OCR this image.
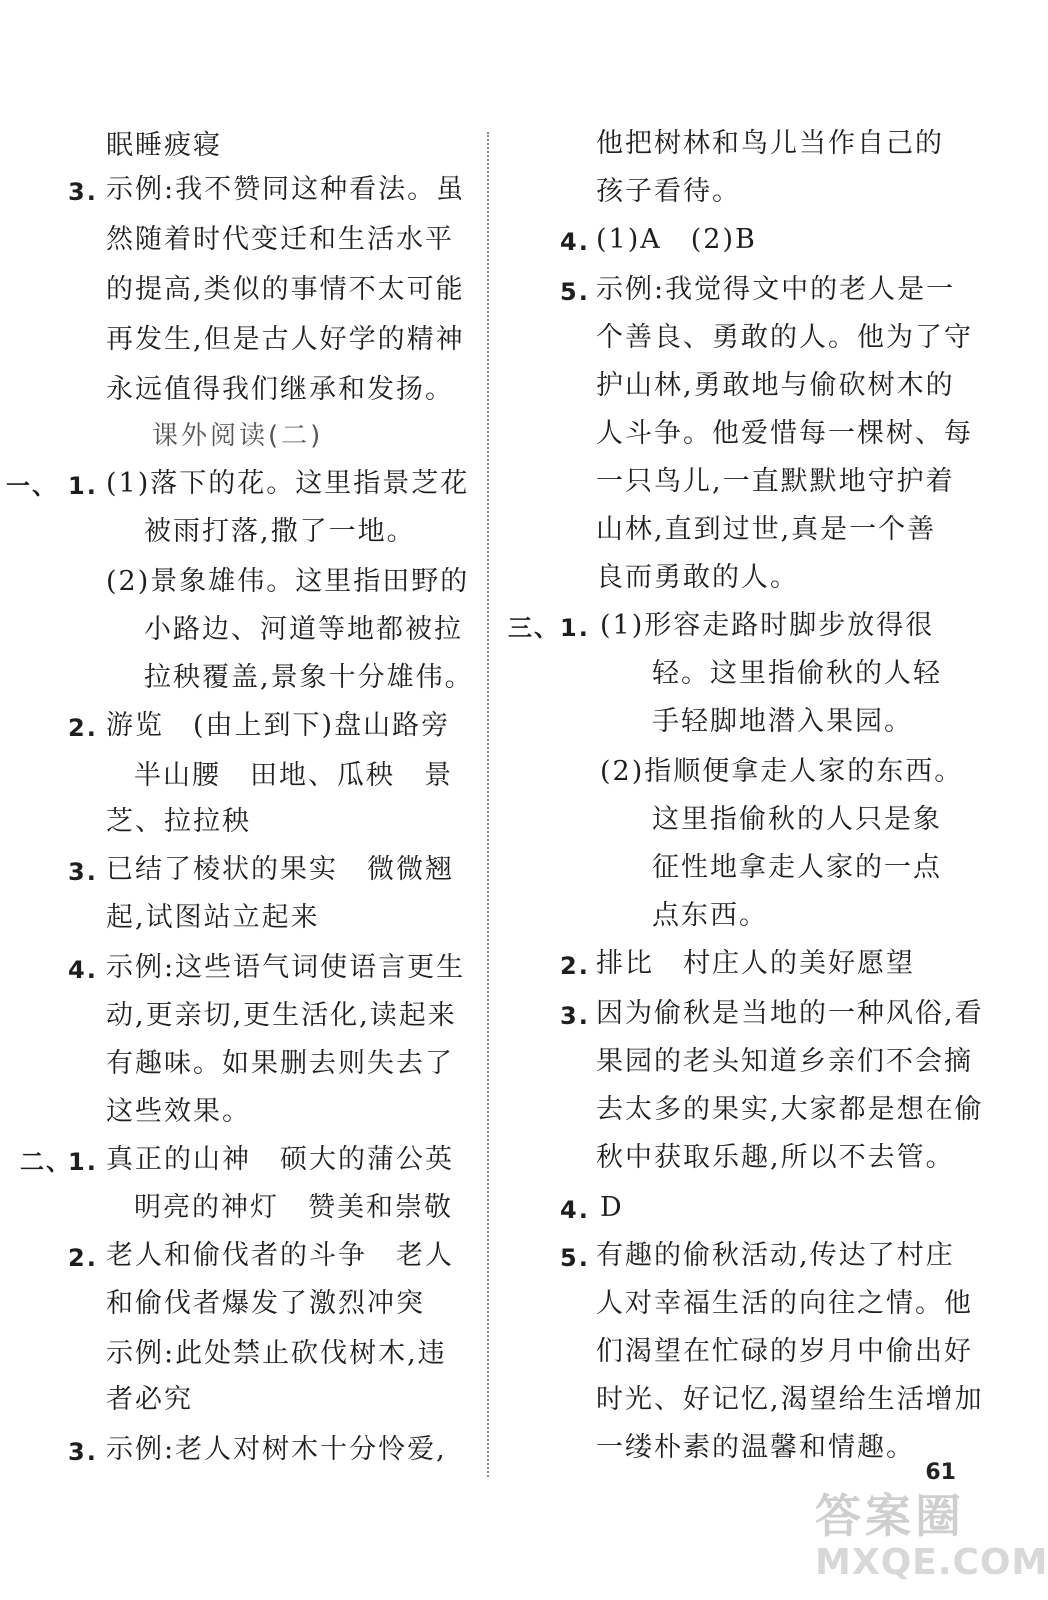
眠睡疲寝
3. 示例:我不赞同这种看法。虽
然随着时代变迁和生活水平
的提高,类似的事情不太可能
再发生,但是古人好学的精神
永远值得我们继承和发扬。
课外阅读(二)
一、 1. (1)落下的花。这里指景芝花
被雨打落,撒了一地。
(2)景象雄伟。这里指田野的
小路边、河道等地都被拉
拉秧覆盖,景象十分雄伟。
2. 游览　(由上到下)盘山路旁
半山腰　田地、瓜秧　景
芝、拉拉秧
3. 已结了棱状的果实　微微翘
起,试图站立起来
4. 示例:这些语气词使语言更生
动,更亲切,更生活化,读起来
有趣味。如果删去则失去了
这些效果。
二、
1. 真正的山神　硕大的蒲公英
明亮的神灯　赞美和崇敬
2. 老人和偷伐者的斗争　老人
和偷伐者爆发了激烈冲突
示例:此处禁止砍伐树木,违
者必究
3. 示例:老人对树木十分怜爱,
他把树林和鸟儿当作自己的
孩子看待。
4. (1)A　(2)B
5. 示例:我觉得文中的老人是一
个善良、勇敢的人。他为了守
护山林,勇敢地与偷砍树木的
人斗争。他爱惜每一棵树、每
一只鸟儿,一直默默地守护着
山林,直到过世,真是一个善
良而勇敢的人。
三、 1. (1)形容走路时脚步放得很
轻。这里指偷秋的人轻
手轻脚地潜入果园。
(2)指顺便拿走人家的东西。
这里指偷秋的人只是象
征性地拿走人家的一点
点东西。
2. 排比　村庄人的美好愿望
3. 因为偷秋是当地的一种风俗,看
果园的老头知道乡亲们不会摘
去太多的果实,大家都是想在偷
秋中获取乐趣,所以不去管。
4. D
5. 有趣的偷秋活动,传达了村庄
人对幸福生活的向往之情。他
们渴望在忙碌的岁月中偷出好
时光、好记忆,渴望给生活增加
一缕朴素的温馨和情趣。
61
答案圈
MXQE.COM
